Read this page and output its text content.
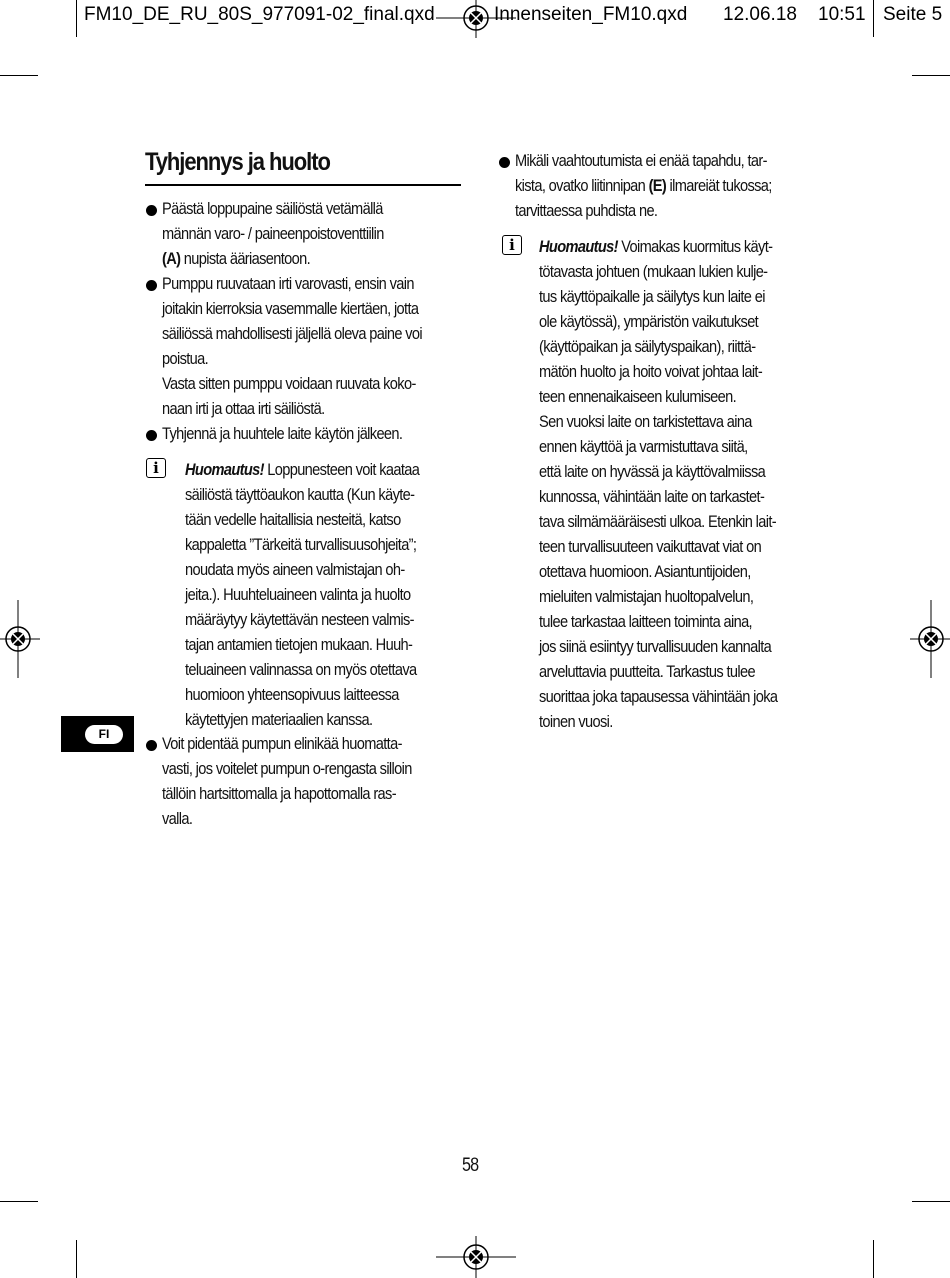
FM10_DE_RU_80S_977091-02_final.qxd	Innenseiten_FM10.qxd 12.06.18 10:51 Seite 5
Tyhjennys ja huolto

Päästä loppupaine säiliöstä vetämällä

männän varo- / paineenpoistoventtiilin

(A) nupista ääriasentoon.

Pumppu ruuvataan irti varovasti, ensin vain

joitakin kierroksia vasemmalle kiertäen, jotta

säiliössä mahdollisesti jäljellä oleva paine voi

poistua.

Vasta sitten pumppu voidaan ruuvata koko-

naan irti ja ottaa irti säiliöstä.

Tyhjennä ja huuhtele laite käytön jälkeen.

i	Huomautus! Loppunesteen voit kaataa

säiliöstä täyttöaukon kautta (Kun käyte-

tään vedelle haitallisia nesteitä, katso

kappaletta ”Tärkeitä turvallisuusohjeita”;

noudata myös aineen valmistajan oh-

jeita.). Huuhteluaineen valinta ja huolto

määräytyy käytettävän nesteen valmis-

tajan antamien tietojen mukaan. Huuh-

teluaineen valinnassa on myös otettava

huomioon yhteensopivuus laitteessa

käytettyjen materiaalien kanssa.

FI	Voit pidentää pumpun elinikää huomatta-

vasti, jos voitelet pumpun o-rengasta silloin

tällöin hartsittomalla ja hapottomalla ras-

valla.

Mikäli vaahtoutumista ei enää tapahdu, tar-

kista, ovatko liitinnipan (E) ilmareiät tukossa;

tarvittaessa puhdista ne.

i	Huomautus! Voimakas kuormitus käyt-

tötavasta johtuen (mukaan lukien kulje-

tus käyttöpaikalle ja säilytys kun laite ei

ole käytössä), ympäristön vaikutukset

(käyttöpaikan ja säilytyspaikan), riittä-

mätön huolto ja hoito voivat johtaa lait-

teen ennenaikaiseen kulumiseen.

Sen vuoksi laite on tarkistettava aina

ennen käyttöä ja varmistuttava siitä,

että laite on hyvässä ja käyttövalmiissa

kunnossa, vähintään laite on tarkastet-

tava silmämääräisesti ulkoa. Etenkin lait-

teen turvallisuuteen vaikuttavat viat on

otettava huomioon. Asiantuntijoiden,

mieluiten valmistajan huoltopalvelun,

tulee tarkastaa laitteen toiminta aina,

jos siinä esiintyy turvallisuuden kannalta

arveluttavia puutteita. Tarkastus tulee

suorittaa joka tapausessa vähintään joka

toinen vuosi.

58
